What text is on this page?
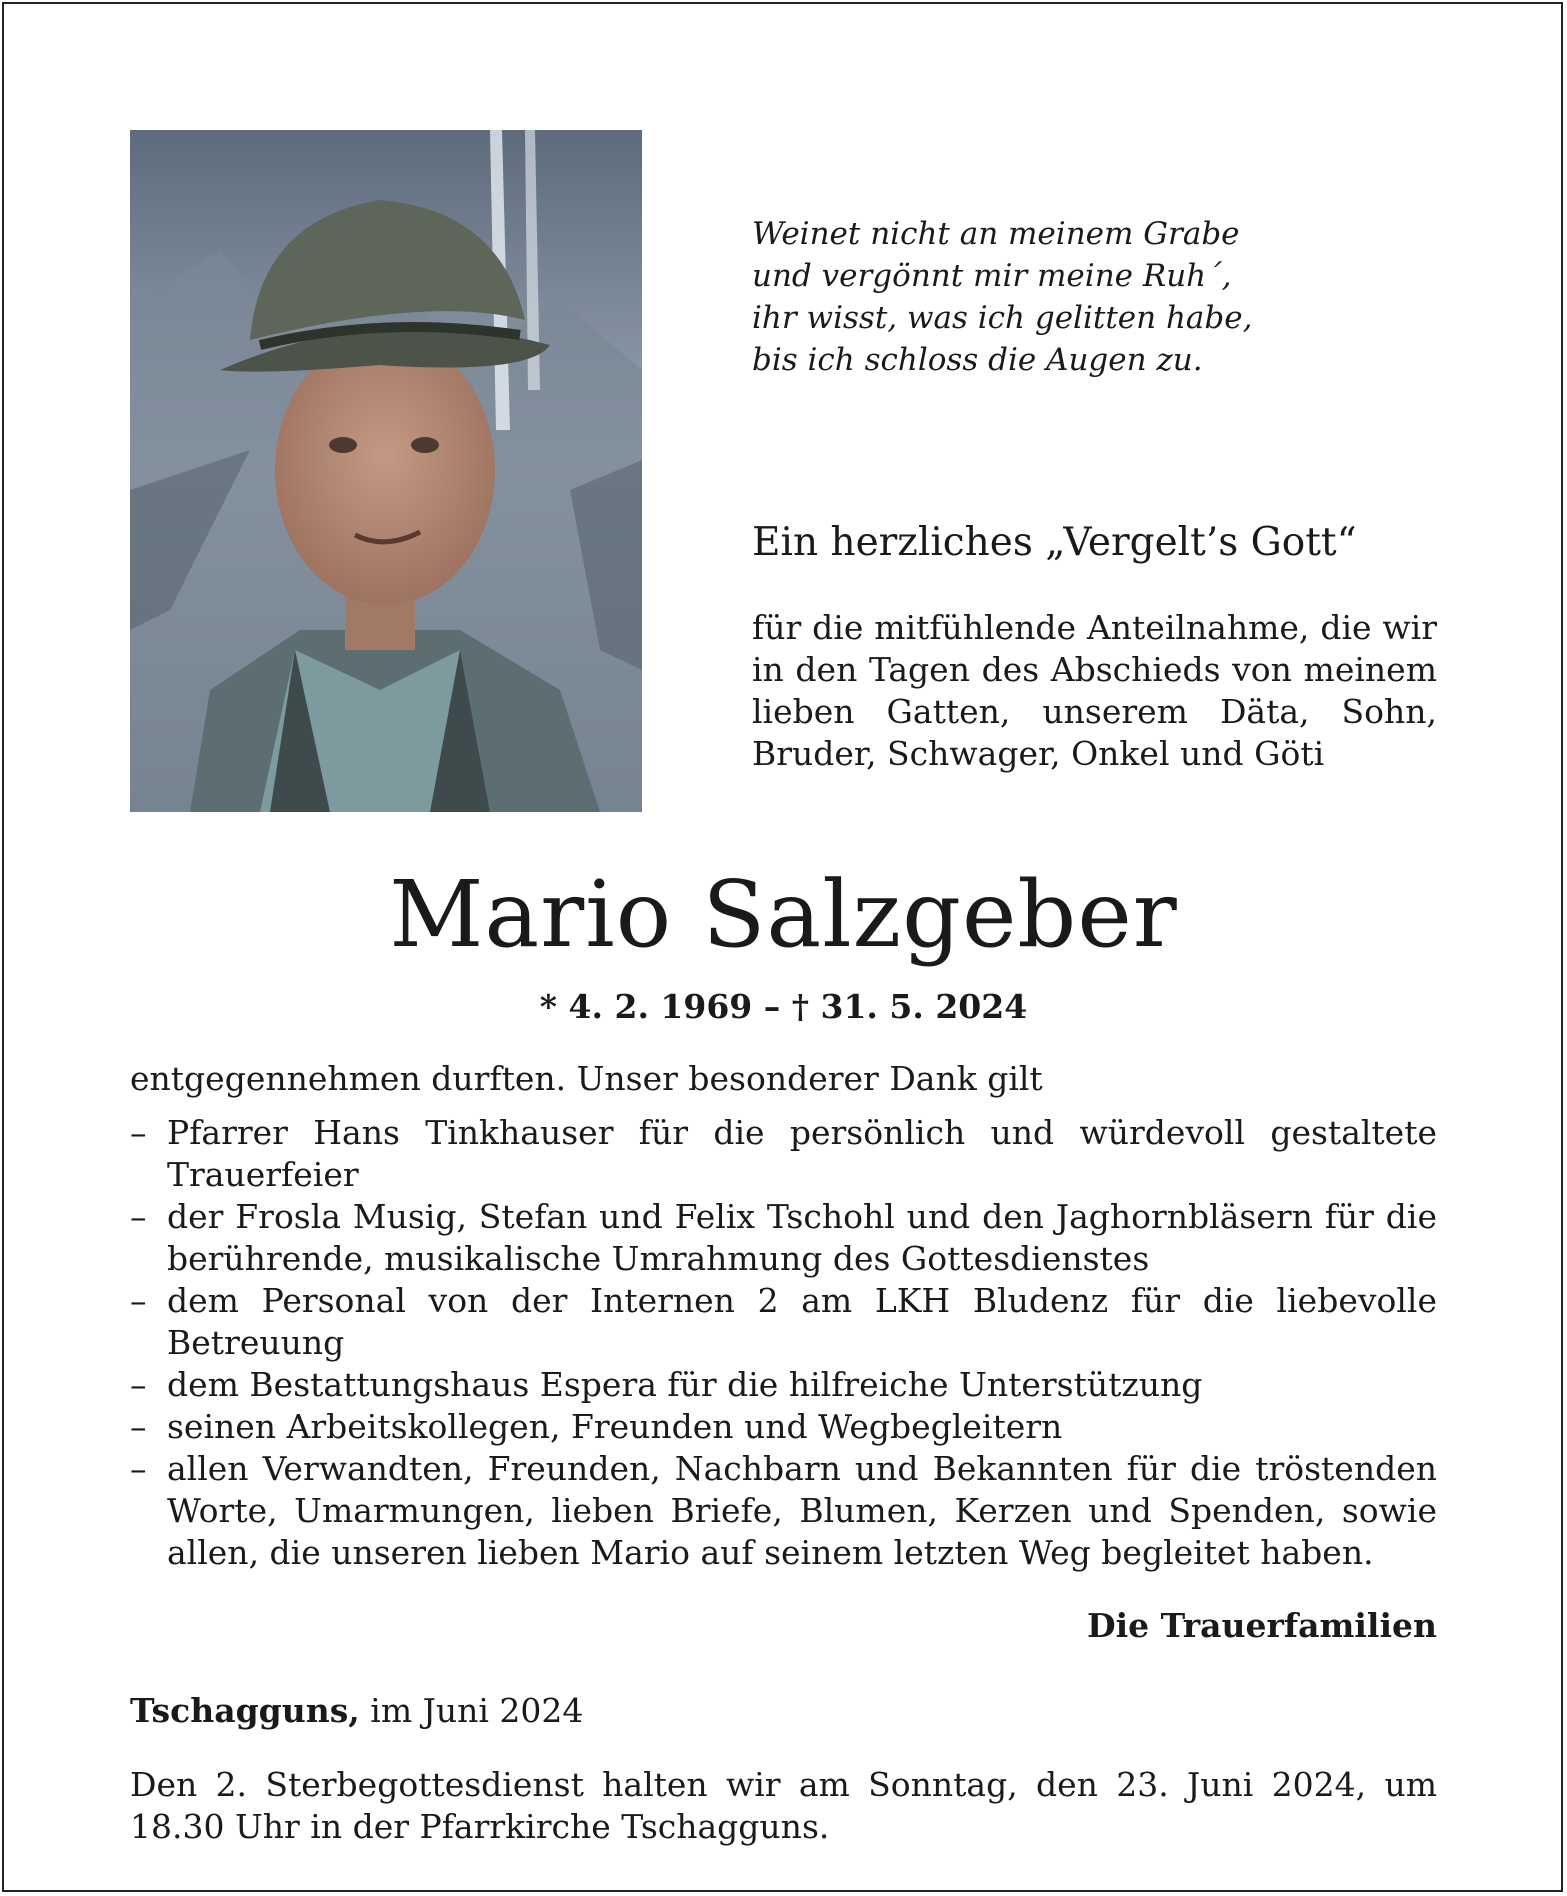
Weinet nicht an meinem Grabe
und vergönnt mir meine Ruh´,
ihr wisst, was ich gelitten habe,
bis ich schloss die Augen zu.
Ein herzliches „Vergelt’s Gott“
für die mitfühlende Anteilnahme, die wir in den Tagen des Abschieds von meinem lieben Gatten, unserem Däta, Sohn, Bruder, Schwager, Onkel und Göti
Mario Salzgeber
* 4. 2. 1969 – † 31. 5. 2024
entgegennehmen durften. Unser besonderer Dank gilt
– Pfarrer Hans Tinkhauser für die persönlich und würdevoll gestaltete Trauerfeier
– der Frosla Musig, Stefan und Felix Tschohl und den Jaghornbläsern für die berührende, musikalische Umrahmung des Gottesdienstes
– dem Personal von der Internen 2 am LKH Bludenz für die liebevolle Betreuung
– dem Bestattungshaus Espera für die hilfreiche Unterstützung
– seinen Arbeitskollegen, Freunden und Wegbegleitern
– allen Verwandten, Freunden, Nachbarn und Bekannten für die tröstenden Worte, Umarmungen, lieben Briefe, Blumen, Kerzen und Spenden, sowie allen, die unseren lieben Mario auf seinem letzten Weg begleitet haben.
Die Trauerfamilien
Tschagguns, im Juni 2024
Den 2. Sterbegottesdienst halten wir am Sonntag, den 23. Juni 2024, um 18.30 Uhr in der Pfarrkirche Tschagguns.
